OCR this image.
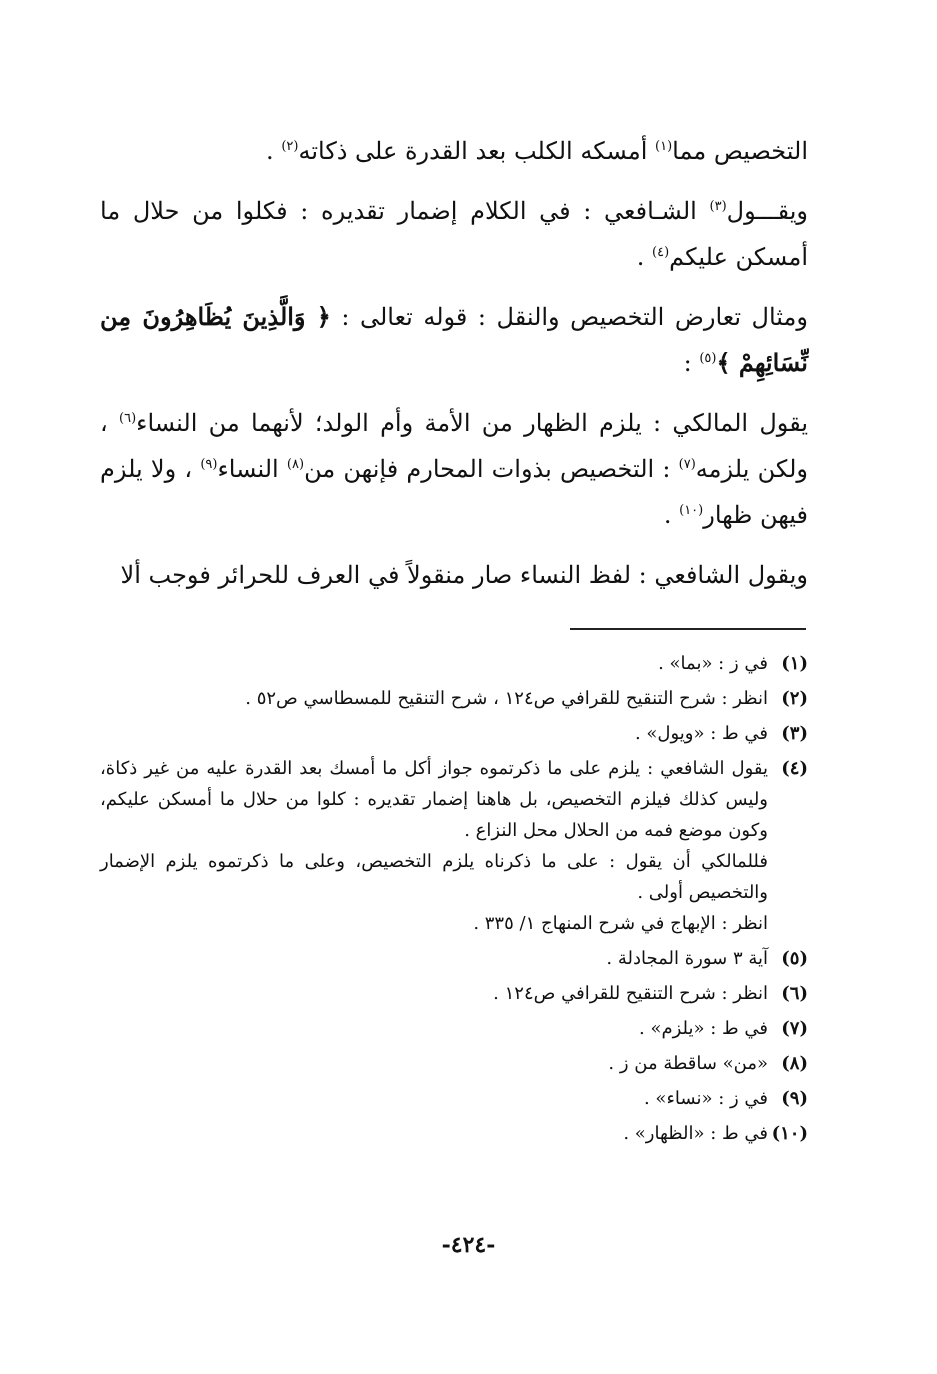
التخصيص مما$^{(١)}$ أمسكه الكلب بعد القدرة على ذكاته$^{(٢)}$ .

ويقـــول$^{(٣)}$ الشـافعي : في الكلام إضمار تقديره : فكلوا من حلال ما أمسكن عليكم$^{(٤)}$ .

ومثال تعارض التخصيص والنقل : قوله تعالى : ﴿ وَالَّذِينَ يُظَاهِرُونَ مِن نِّسَائِهِمْ ﴾$^{(٥)}$ :

يقول المالكي : يلزم الظهار من الأمة وأم الولد؛ لأنهما من النساء$^{(٦)}$ ، ولكن يلزمه$^{(٧)}$ : التخصيص بذوات المحارم فإنهن من$^{(٨)}$ النساء$^{(٩)}$ ، ولا يلزم فيهن ظهار$^{(١٠)}$ .

ويقول الشافعي : لفظ النساء صار منقولاً في العرف للحرائر فوجب ألا

(١)

في ز : «بما» .

(٢)

انظر : شرح التنقيح للقرافي ص١٢٤ ، شرح التنقيح للمسطاسي ص٥٢ .

(٣)

في ط : «ويول» .

(٤)

يقول الشافعي : يلزم على ما ذكرتموه جواز أكل ما أمسك بعد القدرة عليه من غير ذكاة، وليس كذلك فيلزم التخصيص، بل هاهنا إضمار تقديره : كلوا من حلال ما أمسكن عليكم، وكون موضع فمه من الحلال محل النزاع .

فللمالكي أن يقول : على ما ذكرناه يلزم التخصيص، وعلى ما ذكرتموه يلزم الإضمار والتخصيص أولى .

انظر : الإبهاج في شرح المنهاج ١/ ٣٣٥ .

(٥)

آية ٣ سورة المجادلة .

(٦)

انظر : شرح التنقيح للقرافي ص١٢٤ .

(٧)

في ط : «يلزم» .

(٨)

«من» ساقطة من ز .

(٩)

في ز : «نساء» .

(١٠)

في ط : «الظهار» .

-٤٢٤-
